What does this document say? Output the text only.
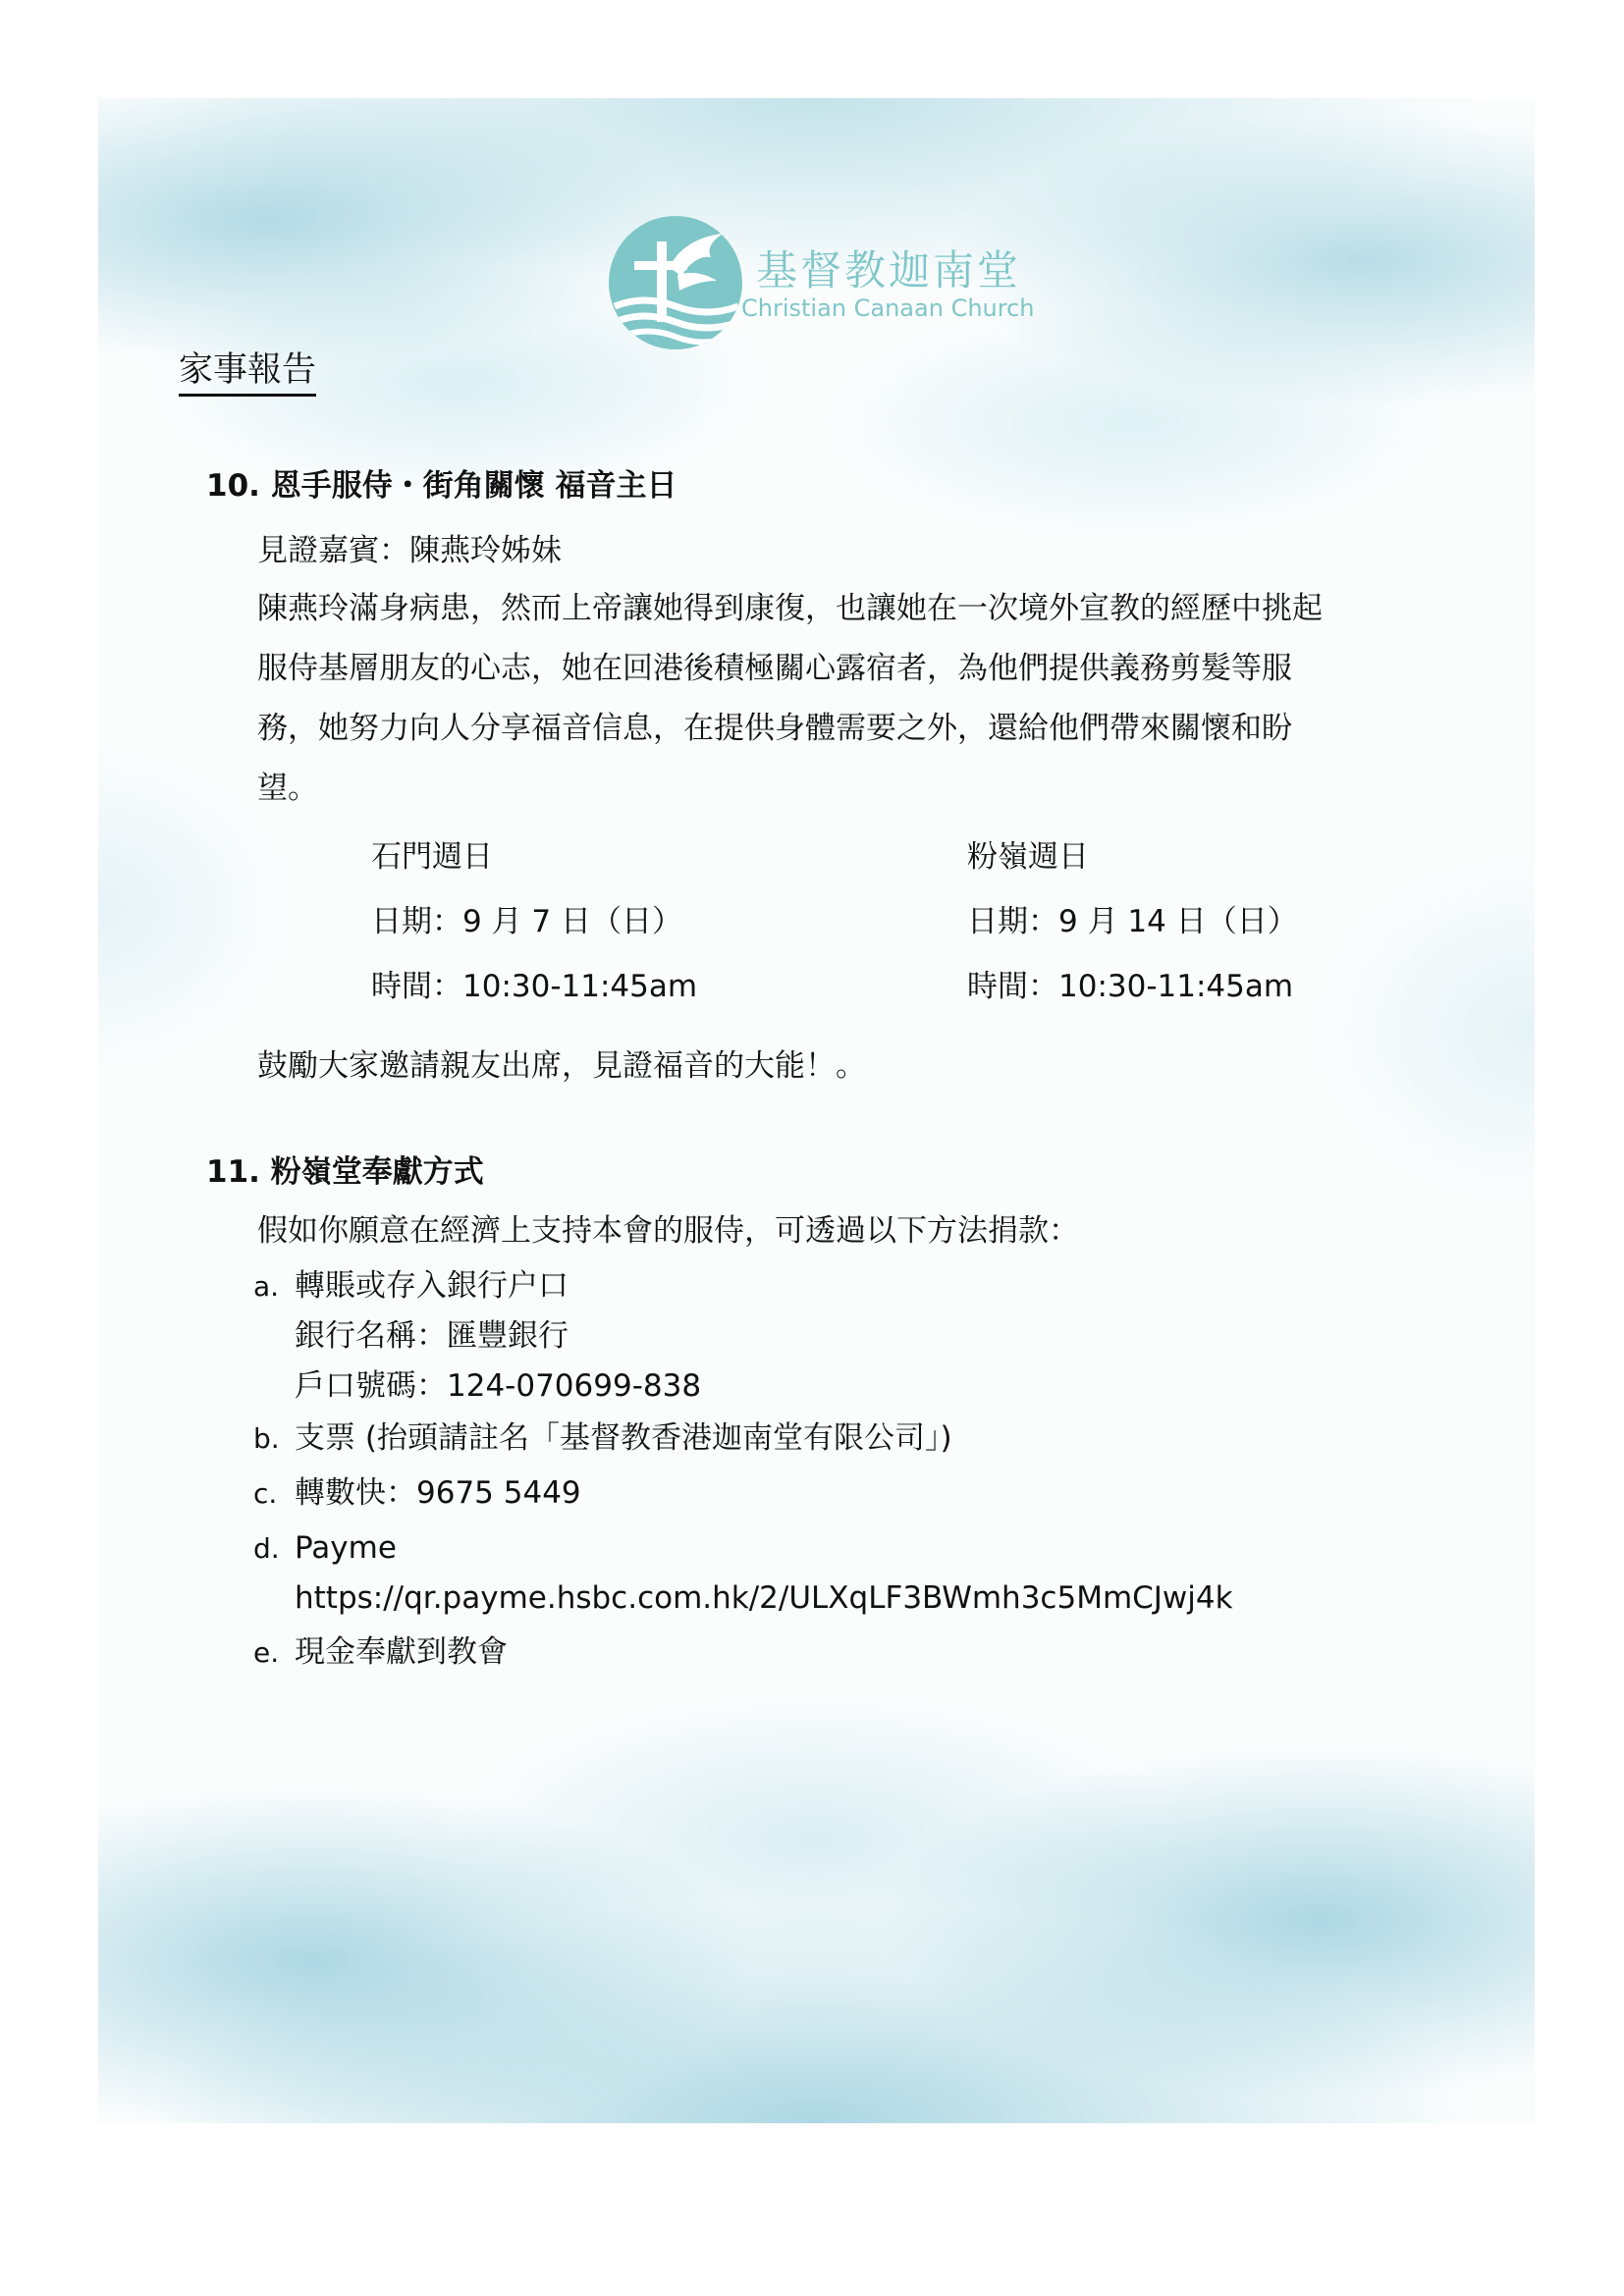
基督教迦南堂
Christian Canaan Church
家事報告
10. 恩手服侍・街角關懷 福音主日
見證嘉賓：陳燕玲姊妹
陳燕玲滿身病患，然而上帝讓她得到康復，也讓她在一次境外宣教的經歷中挑起
服侍基層朋友的心志，她在回港後積極關心露宿者，為他們提供義務剪髮等服
務，她努力向人分享福音信息，在提供身體需要之外，還給他們帶來關懷和盼
望。
石門週日
日期：9 月 7 日（日）
時間：10:30-11:45am
粉嶺週日
日期：9 月 14 日（日）
時間：10:30-11:45am
鼓勵大家邀請親友出席，見證福音的大能！。
11. 粉嶺堂奉獻方式
假如你願意在經濟上支持本會的服侍，可透過以下方法捐款：
a. 轉賬或存入銀行户口
銀行名稱：匯豐銀行
戶口號碼：124-070699-838
b. 支票 (抬頭請註名「基督教香港迦南堂有限公司」)
c. 轉數快：9675 5449
d. Payme
https://qr.payme.hsbc.com.hk/2/ULXqLF3BWmh3c5MmCJwj4k
e. 現金奉獻到教會
